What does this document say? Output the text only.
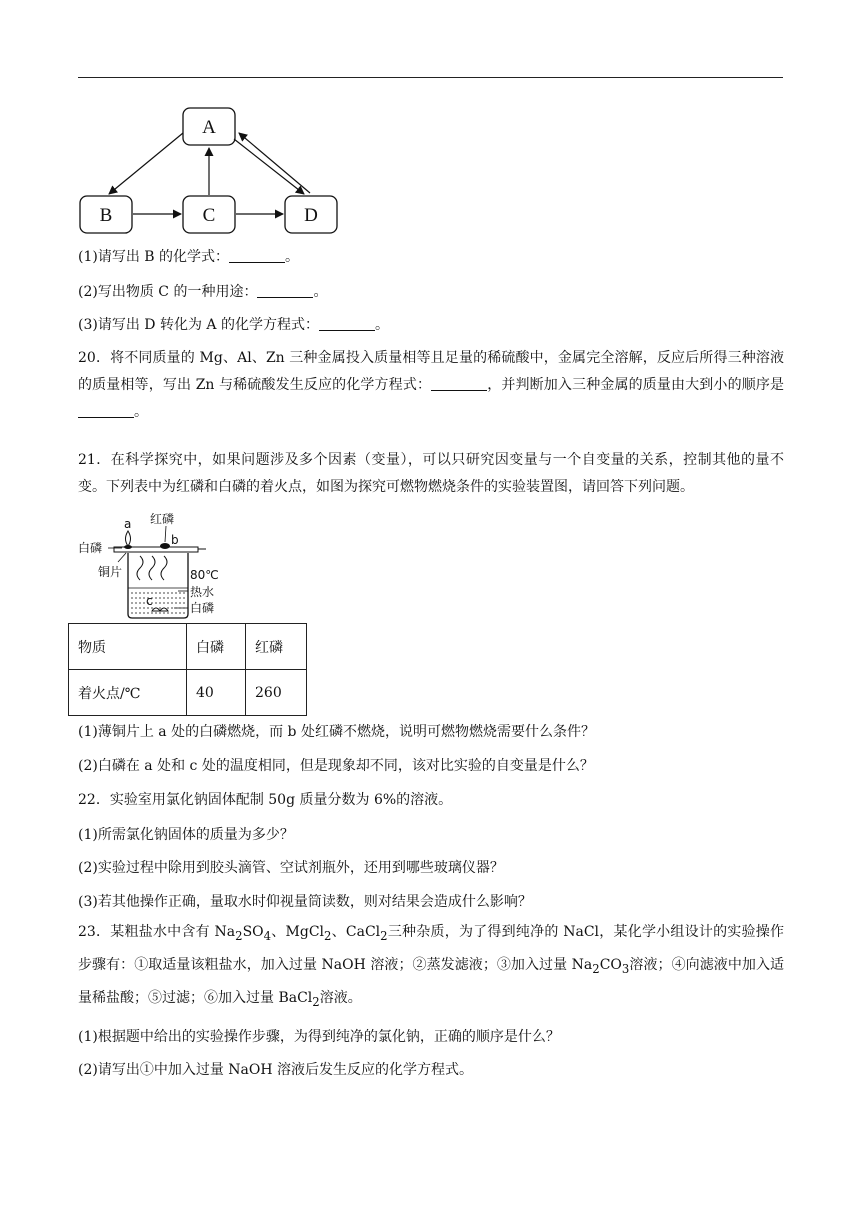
A
B	C	D
(1)请写出 B 的化学式：	。
(2)写出物质 C 的一种用途：	。
(3)请写出 D 转化为 A 的化学方程式：	。
20．将不同质量的 Mg、Al、Zn 三种金属投入质量相等且足量的稀硫酸中，金属完全溶解，反应后所得三种溶液的质量相等，写出 Zn 与稀硫酸发生反应的化学方程式：	，并判断加入三种金属的质量由大到小的顺序是。
21．在科学探究中，如果问题涉及多个因素（变量），可以只研究因变量与一个自变量的关系，控制其他的量不变。下列表中为红磷和白磷的着火点，如图为探究可燃物燃烧条件的实验装置图，请回答下列问题。
a
b
c
红磷
白磷
铜片	80℃
热水
白磷
物质	白磷	红磷
着火点/℃	40	260
(1)薄铜片上 a 处的白磷燃烧，而 b 处红磷不燃烧，说明可燃物燃烧需要什么条件？
(2)白磷在 a 处和 c 处的温度相同，但是现象却不同，该对比实验的自变量是什么？
22．实验室用氯化钠固体配制 50g 质量分数为 6%的溶液。
(1)所需氯化钠固体的质量为多少？
(2)实验过程中除用到胶头滴管、空试剂瓶外，还用到哪些玻璃仪器？
(3)若其他操作正确，量取水时仰视量筒读数，则对结果会造成什么影响？
23．某粗盐水中含有 $Na_2SO_4$、MgCl$_2$、CaCl$_2$三种杂质，为了得到纯净的 NaCl，某化学小组设计的实验操作步骤有：①取适量该粗盐水，加入过量 NaOH 溶液；②蒸发滤液；③加入过量 $Na_2CO_3$溶液；④向滤液中加入适量稀盐酸；⑤过滤；⑥加入过量 BaCl$_2$溶液。
(1)根据题中给出的实验操作步骤，为得到纯净的氯化钠，正确的顺序是什么？
(2)请写出①中加入过量 NaOH 溶液后发生反应的化学方程式。
